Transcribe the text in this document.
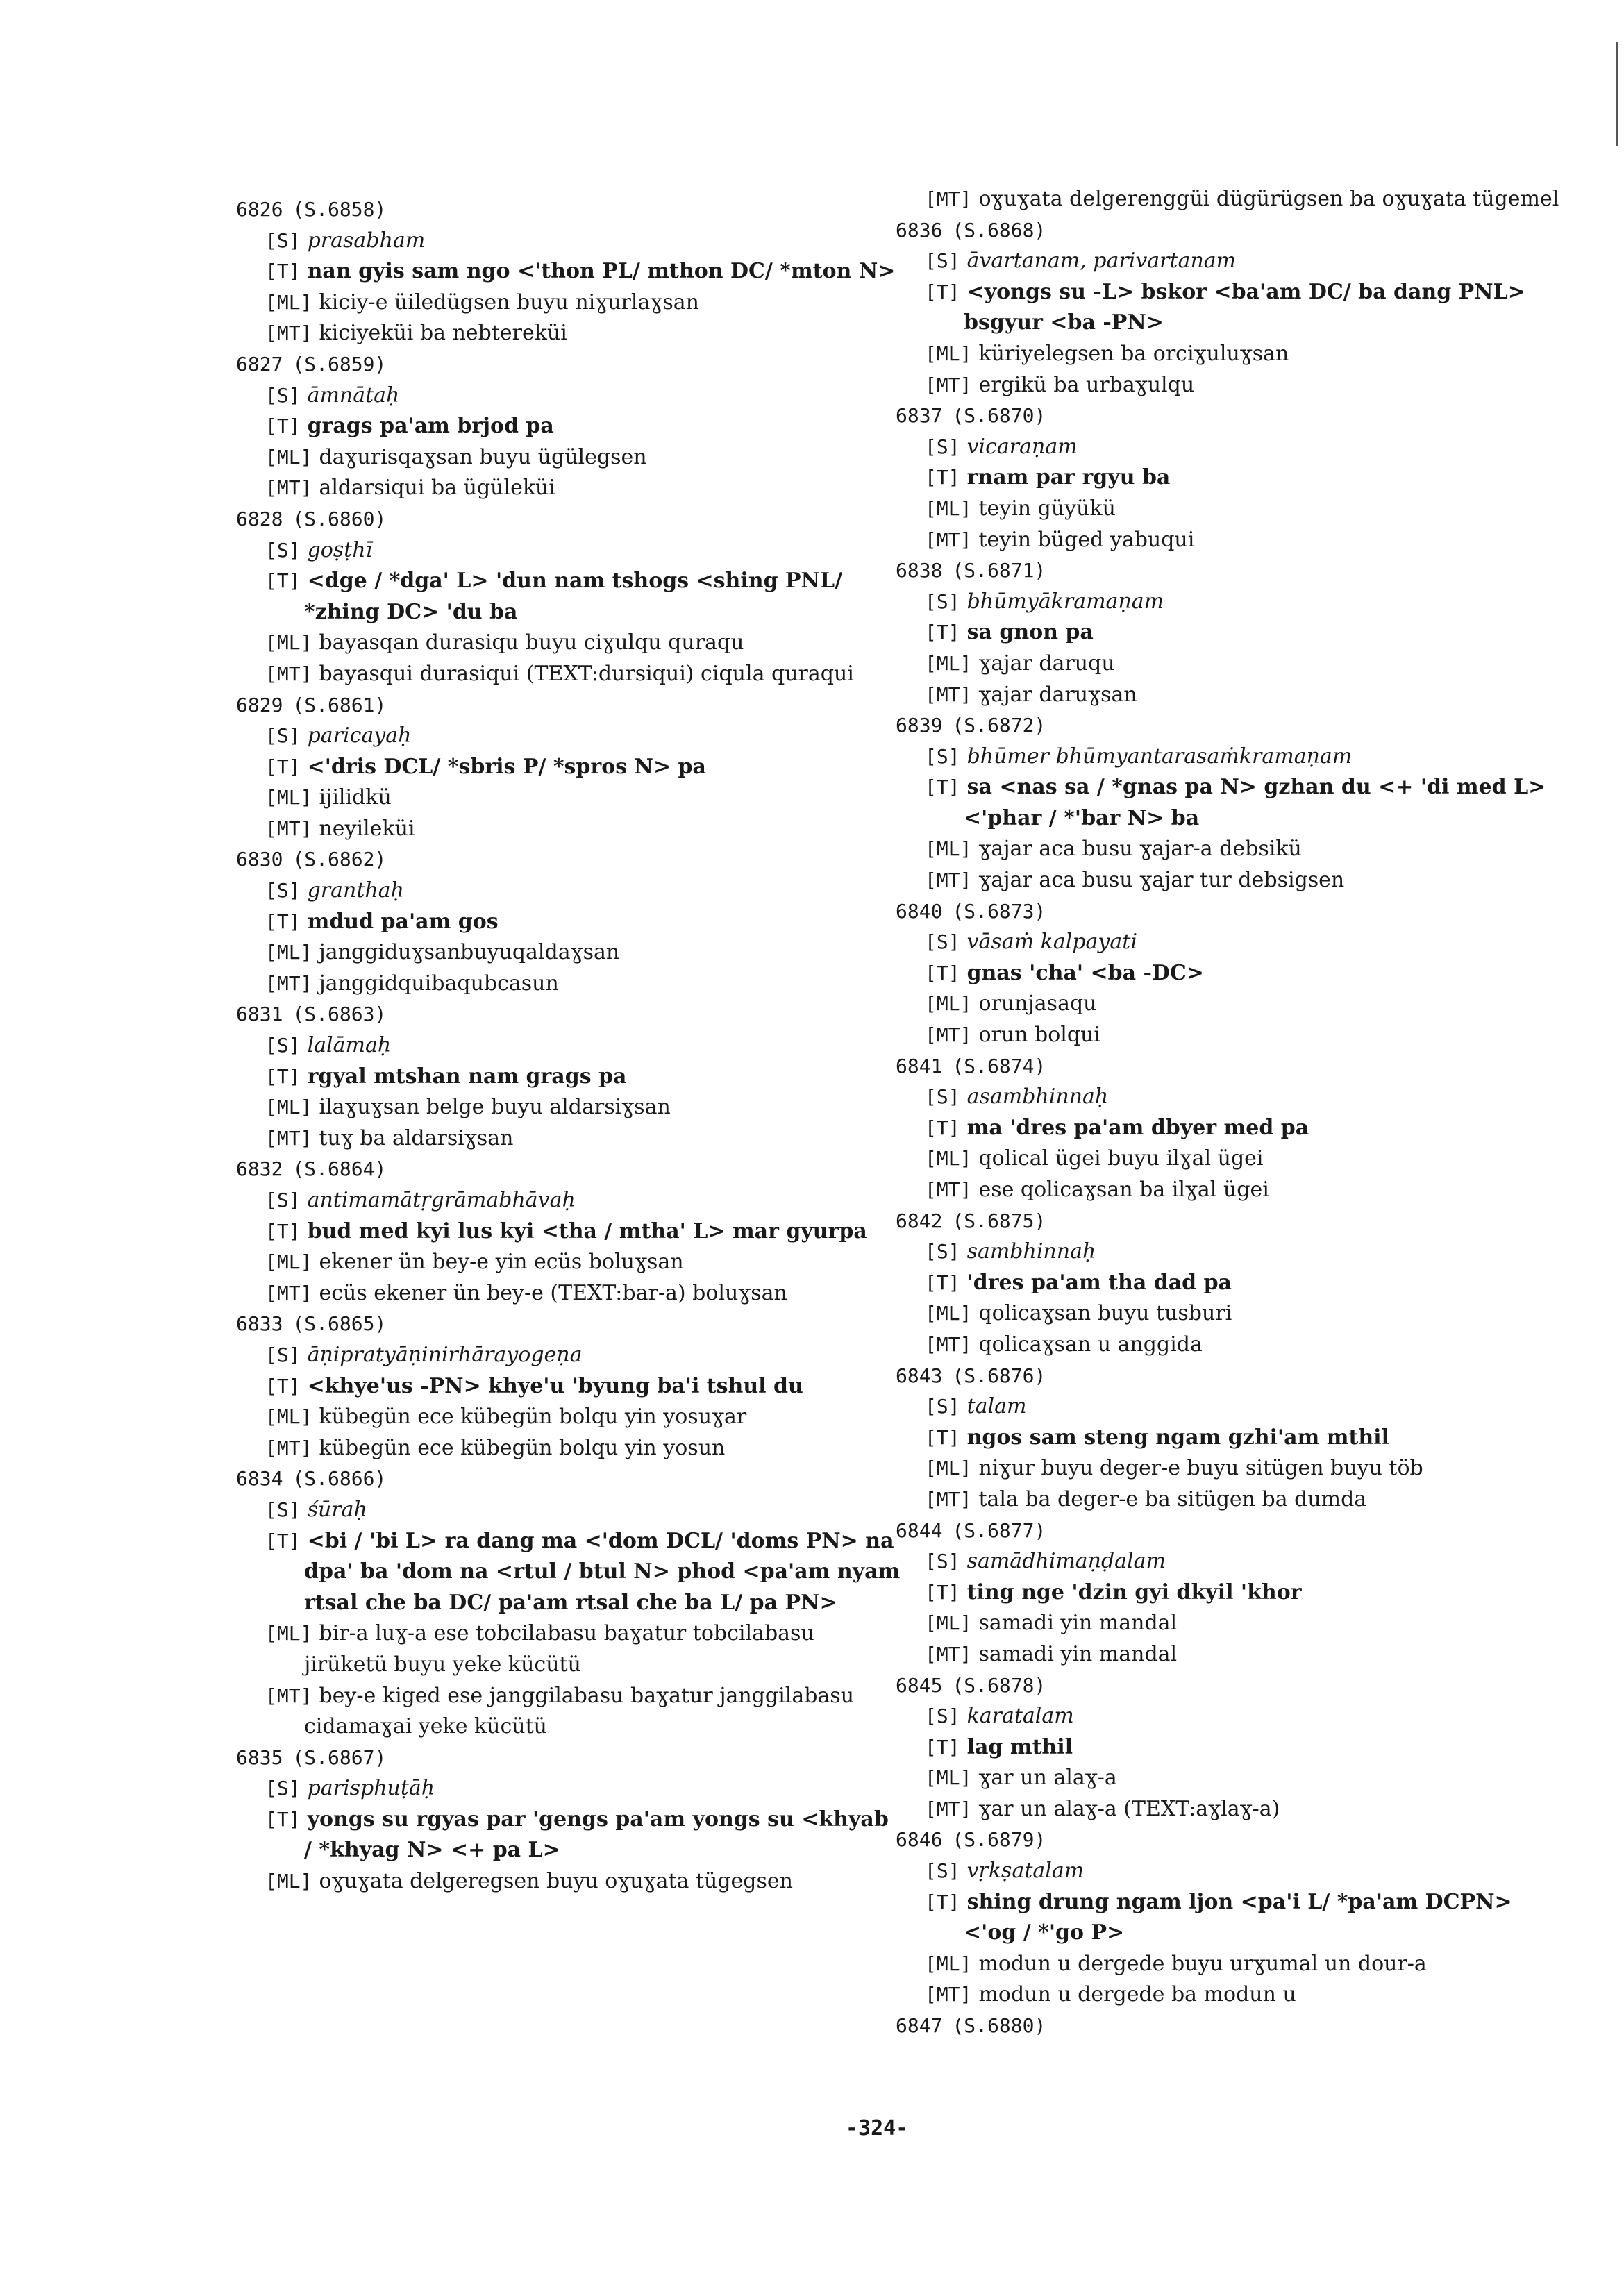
6826 (S.6858)
[S] prasabham
[T] nan gyis sam ngo <'thon PL/ mthon DC/ *mton N>
[ML] kiciy-e üiledügsen buyu niɣurlaɣsan
[MT] kiciyeküi ba nebtereküi
6827 (S.6859)
[S] āmnātaḥ
[T] grags pa'am brjod pa
[ML] daɣurisqaɣsan buyu ügülegsen
[MT] aldarsiqui ba ügüleküi
6828 (S.6860)
[S] goṣṭhī
[T] <dge / *dga' L> 'dun nam tshogs <shing PNL/ *zhing DC> 'du ba
[ML] bayasqan durasiqu buyu ciɣulqu quraqu
[MT] bayasqui durasiqui (TEXT:dursiqui) ciqula quraqui
6829 (S.6861)
[S] paricayaḥ
[T] <'dris DCL/ *sbris P/ *spros N> pa
[ML] ijilidkü
[MT] neyileküi
6830 (S.6862)
[S] granthaḥ
[T] mdud pa'am gos
[ML] janggiduɣsanbuyuqaldaɣsan
[MT] janggidquibaqubcasun
6831 (S.6863)
[S] lalāmaḥ
[T] rgyal mtshan nam grags pa
[ML] ilaɣuɣsan belge buyu aldarsiɣsan
[MT] tuɣ ba aldarsiɣsan
6832 (S.6864)
[S] antimamātṛgrāmabhāvaḥ
[T] bud med kyi lus kyi <tha / mtha' L> mar gyurpa
[ML] ekener ün bey-e yin ecüs boluɣsan
[MT] ecüs ekener ün bey-e (TEXT:bar-a) boluɣsan
6833 (S.6865)
[S] āṇipratyāṇinirhārayogeṇa
[T] <khye'us -PN> khye'u 'byung ba'i tshul du
[ML] kübegün ece kübegün bolqu yin yosuɣar
[MT] kübegün ece kübegün bolqu yin yosun
6834 (S.6866)
[S] śūraḥ
[T] <bi / 'bi L> ra dang ma <'dom DCL/ 'doms PN> na dpa' ba 'dom na <rtul / btul N> phod <pa'am nyam rtsal che ba DC/ pa'am rtsal che ba L/ pa PN>
[ML] bir-a luɣ-a ese tobcilabasu baɣatur tobcilabasu jirüketü buyu yeke kücütü
[MT] bey-e kiged ese janggilabasu baɣatur janggilabasu cidamaɣai yeke kücütü
6835 (S.6867)
[S] parisphuṭāḥ
[T] yongs su rgyas par 'gengs pa'am yongs su <khyab / *khyag N> <+ pa L>
[ML] oɣuɣata delgeregsen buyu oɣuɣata tügegsen
[MT] oɣuɣata delgerenggüi dügürügsen ba oɣuɣata tügemel
6836 (S.6868)
[S] āvartanam, parivartanam
[T] <yongs su -L> bskor <ba'am DC/ ba dang PNL> bsgyur <ba -PN>
[ML] küriyelegsen ba orciɣuluɣsan
[MT] ergikü ba urbaɣulqu
6837 (S.6870)
[S] vicaraṇam
[T] rnam par rgyu ba
[ML] teyin güyükü
[MT] teyin büged yabuqui
6838 (S.6871)
[S] bhūmyākramaṇam
[T] sa gnon pa
[ML] ɣajar daruqu
[MT] ɣajar daruɣsan
6839 (S.6872)
[S] bhūmer bhūmyantarasaṁkramaṇam
[T] sa <nas sa / *gnas pa N> gzhan du <+ 'di med L> <'phar / *'bar N> ba
[ML] ɣajar aca busu ɣajar-a debsikü
[MT] ɣajar aca busu ɣajar tur debsigsen
6840 (S.6873)
[S] vāsaṁ kalpayati
[T] gnas 'cha' <ba -DC>
[ML] orunjasaqu
[MT] orun bolqui
6841 (S.6874)
[S] asambhinnaḥ
[T] ma 'dres pa'am dbyer med pa
[ML] qolical ügei buyu ilɣal ügei
[MT] ese qolicaɣsan ba ilɣal ügei
6842 (S.6875)
[S] sambhinnaḥ
[T] 'dres pa'am tha dad pa
[ML] qolicaɣsan buyu tusburi
[MT] qolicaɣsan u anggida
6843 (S.6876)
[S] talam
[T] ngos sam steng ngam gzhi'am mthil
[ML] niɣur buyu deger-e buyu sitügen buyu töb
[MT] tala ba deger-e ba sitügen ba dumda
6844 (S.6877)
[S] samādhimaṇḍalam
[T] ting nge 'dzin gyi dkyil 'khor
[ML] samadi yin mandal
[MT] samadi yin mandal
6845 (S.6878)
[S] karatalam
[T] lag mthil
[ML] ɣar un alaɣ-a
[MT] ɣar un alaɣ-a (TEXT:aɣlaɣ-a)
6846 (S.6879)
[S] vṛkṣatalam
[T] shing drung ngam ljon <pa'i L/ *pa'am DCPN> <'og / *'go P>
[ML] modun u dergede buyu urɣumal un dour-a
[MT] modun u dergede ba modun u
6847 (S.6880)
-324-
